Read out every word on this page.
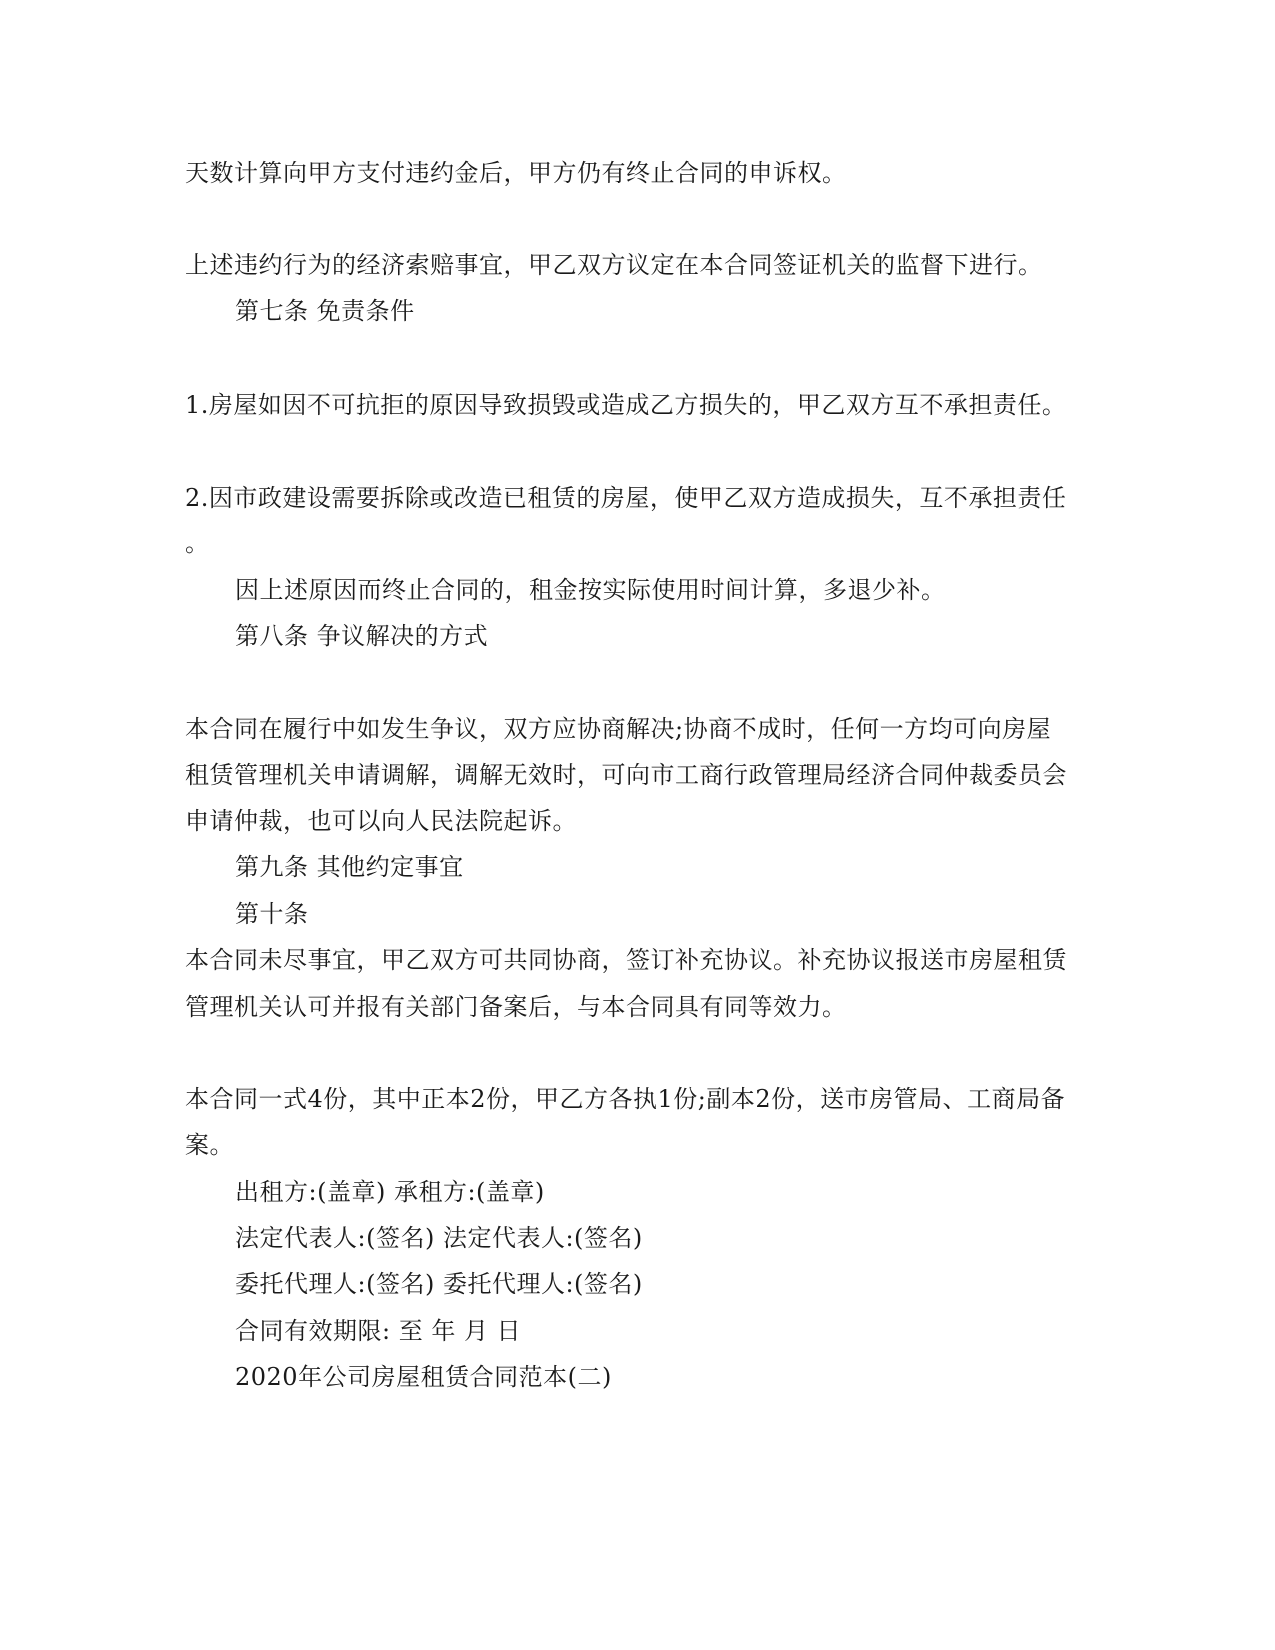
天数计算向甲方支付违约金后，甲方仍有终止合同的申诉权。
上述违约行为的经济索赔事宜，甲乙双方议定在本合同签证机关的监督下进行。
第七条 免责条件
1.房屋如因不可抗拒的原因导致损毁或造成乙方损失的，甲乙双方互不承担责任。
2.因市政建设需要拆除或改造已租赁的房屋，使甲乙双方造成损失，互不承担责任
。
因上述原因而终止合同的，租金按实际使用时间计算，多退少补。
第八条 争议解决的方式
本合同在履行中如发生争议，双方应协商解决;协商不成时，任何一方均可向房屋
租赁管理机关申请调解，调解无效时，可向市工商行政管理局经济合同仲裁委员会
申请仲裁，也可以向人民法院起诉。
第九条 其他约定事宜
第十条
本合同未尽事宜，甲乙双方可共同协商，签订补充协议。补充协议报送市房屋租赁
管理机关认可并报有关部门备案后，与本合同具有同等效力。
本合同一式4份，其中正本2份，甲乙方各执1份;副本2份，送市房管局、工商局备
案。
出租方:(盖章) 承租方:(盖章)
法定代表人:(签名) 法定代表人:(签名)
委托代理人:(签名) 委托代理人:(签名)
合同有效期限: 至 年 月 日
2020年公司房屋租赁合同范本(二)
